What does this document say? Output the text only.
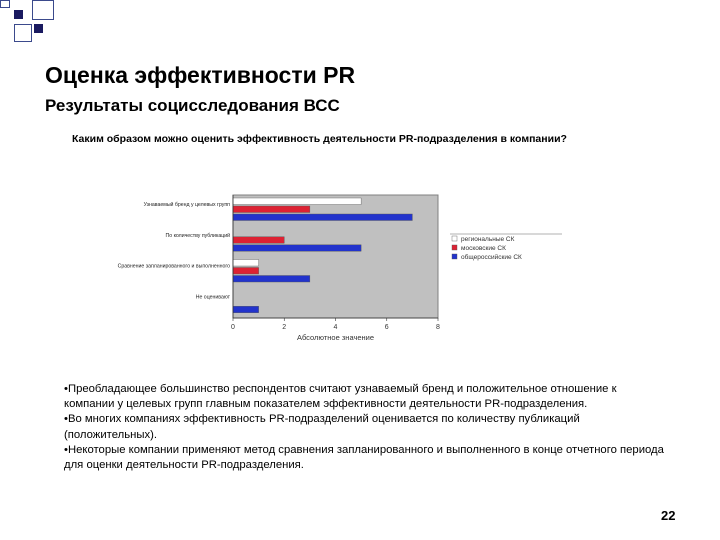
Оценка эффективности PR
Результаты социсследования ВСС
Каким образом можно оценить эффективность деятельности PR-подразделения в компании?
0	2	4	6	8
Абсолютное значение
Узнаваемый бренд у целевых групп
По количеству публикаций
Сравнение запланированного и выполненного
Не оценивают
региональные СК
московские СК
общероссийские СК

•Преобладающее большинство респондентов считают узнаваемый бренд и положительное отношение к компании у целевых групп главным показателем эффективности деятельности PR-подразделения.

•Во многих компаниях эффективность PR-подразделений оценивается по количеству публикаций (положительных).

•Некоторые компании применяют метод сравнения запланированного и выполненного в конце отчетного периода для оценки деятельности PR-подразделения.

22
